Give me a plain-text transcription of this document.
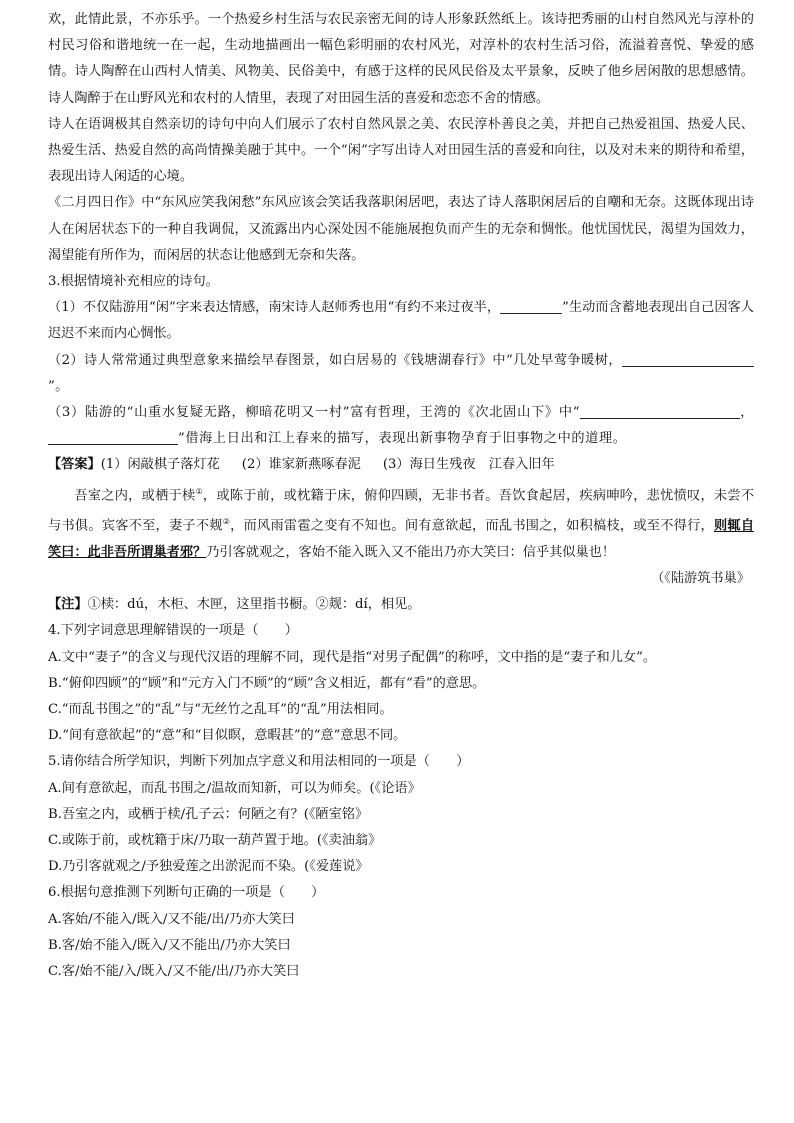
欢，此情此景，不亦乐乎。一个热爱乡村生活与农民亲密无间的诗人形象跃然纸上。该诗把秀丽的山村自然风光与淳朴的村民习俗和谐地统一在一起，生动地描画出一幅色彩明丽的农村风光，对淳朴的农村生活习俗，流溢着喜悦、挚爱的感情。诗人陶醉在山西村人情美、风物美、民俗美中，有感于这样的民风民俗及太平景象，反映了他乡居闲散的思想感情。诗人陶醉于在山野风光和农村的人情里，表现了对田园生活的喜爱和恋恋不舍的情感。

诗人在语调极其自然亲切的诗句中向人们展示了农村自然风景之美、农民淳朴善良之美，并把自己热爱祖国、热爱人民、热爱生活、热爱自然的高尚情操美融于其中。一个“闲”字写出诗人对田园生活的喜爱和向往，以及对未来的期待和希望，表现出诗人闲适的心境。

《二月四日作》中“东风应笑我闲愁”东风应该会笑话我落职闲居吧，表达了诗人落职闲居后的自嘲和无奈。这既体现出诗人在闲居状态下的一种自我调侃，又流露出内心深处因不能施展抱负而产生的无奈和惆怅。他忧国忧民，渴望为国效力，渴望能有所作为，而闲居的状态让他感到无奈和失落。

3.根据情境补充相应的诗句。

（1）不仅陆游用“闲”字来表达情感，南宋诗人赵师秀也用“有约不来过夜半，	”生动而含蓄地表现出自己因客人迟迟不来而内心惆怅。

（2）诗人常常通过典型意象来描绘早春图景，如白居易的《钱塘湖春行》中“几处早莺争暖树，”。

（3）陆游的“山重水复疑无路，柳暗花明又一村”富有哲理，王湾的《次北固山下》中“	，”借海上日出和江上春来的描写，表现出新事物孕育于旧事物之中的道理。

【答案】(1）闲敲棋子落灯花 (2）谁家新燕啄春泥 (3）海日生残夜　江春入旧年

吾室之内，或栖于椟①，或陈于前，或枕籍于床，俯仰四顾，无非书者。吾饮食起居，疾病呻吟，悲忧愤叹，未尝不与书俱。宾客不至，妻子不觌②，而风雨雷雹之变有不知也。间有意欲起，而乱书围之，如积槁枝，或至不得行，则辄自笑曰：此非吾所谓巢者邪？乃引客就观之，客始不能入既入又不能出乃亦大笑曰：信乎其似巢也！

（《陆游筑书巢》

【注】①椟：dú，木柜、木匣，这里指书橱。②觌：dí，相见。

4.下列字词意思理解错误的一项是（　　）

A.文中“妻子”的含义与现代汉语的理解不同，现代是指“对男子配偶”的称呼，文中指的是“妻子和儿女”。

B.“俯仰四顾”的“顾”和“元方入门不顾”的“顾”含义相近，都有“看”的意思。

C.“而乱书围之”的“乱”与“无丝竹之乱耳”的“乱”用法相同。

D.“间有意欲起”的“意”和“目似瞑，意暇甚”的“意”意思不同。

5.请你结合所学知识，判断下列加点字意义和用法相同的一项是（　　）

A.间有意欲起，而乱书围之/温故而知新，可以为师矣。(《论语》

B.吾室之内，或栖于椟/孔子云：何陋之有？(《陋室铭》

C.或陈于前，或枕籍于床/乃取一葫芦置于地。(《卖油翁》

D.乃引客就观之/予独爱莲之出淤泥而不染。(《爱莲说》

6.根据句意推测下列断句正确的一项是（　　）

A.客始/不能入/既入/又不能/出/乃亦大笑曰

B.客/始不能入/既入/又不能出/乃亦大笑曰

C.客/始不能/入/既入/又不能/出/乃亦大笑曰
